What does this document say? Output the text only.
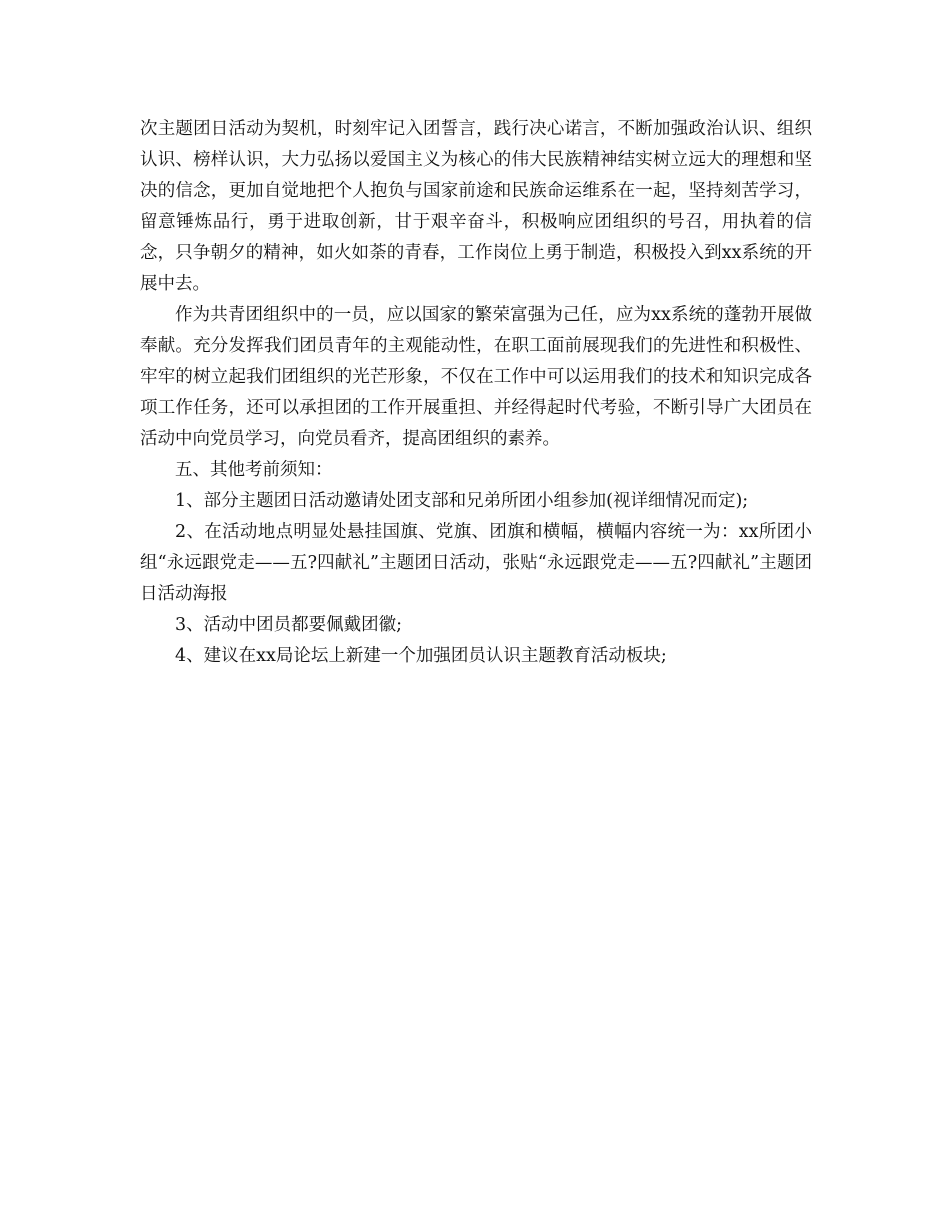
次主题团日活动为契机，时刻牢记入团誓言，践行决心诺言，不断加强政治认识、组织认识、榜样认识，大力弘扬以爱国主义为核心的伟大民族精神结实树立远大的理想和坚决的信念，更加自觉地把个人抱负与国家前途和民族命运维系在一起，坚持刻苦学习，留意锤炼品行，勇于进取创新，甘于艰辛奋斗，积极响应团组织的号召，用执着的信念，只争朝夕的精神，如火如荼的青春，工作岗位上勇于制造，积极投入到xx系统的开展中去。

作为共青团组织中的一员，应以国家的繁荣富强为己任，应为xx系统的蓬勃开展做奉献。充分发挥我们团员青年的主观能动性，在职工面前展现我们的先进性和积极性、牢牢的树立起我们团组织的光芒形象，不仅在工作中可以运用我们的技术和知识完成各项工作任务，还可以承担团的工作开展重担、并经得起时代考验，不断引导广大团员在活动中向党员学习，向党员看齐，提高团组织的素养。

五、其他考前须知：

1、部分主题团日活动邀请处团支部和兄弟所团小组参加(视详细情况而定);

2、在活动地点明显处悬挂国旗、党旗、团旗和横幅，横幅内容统一为：xx所团小组“永远跟党走——五?四献礼”主题团日活动，张贴“永远跟党走——五?四献礼”主题团日活动海报

3、活动中团员都要佩戴团徽;

4、建议在xx局论坛上新建一个加强团员认识主题教育活动板块;
